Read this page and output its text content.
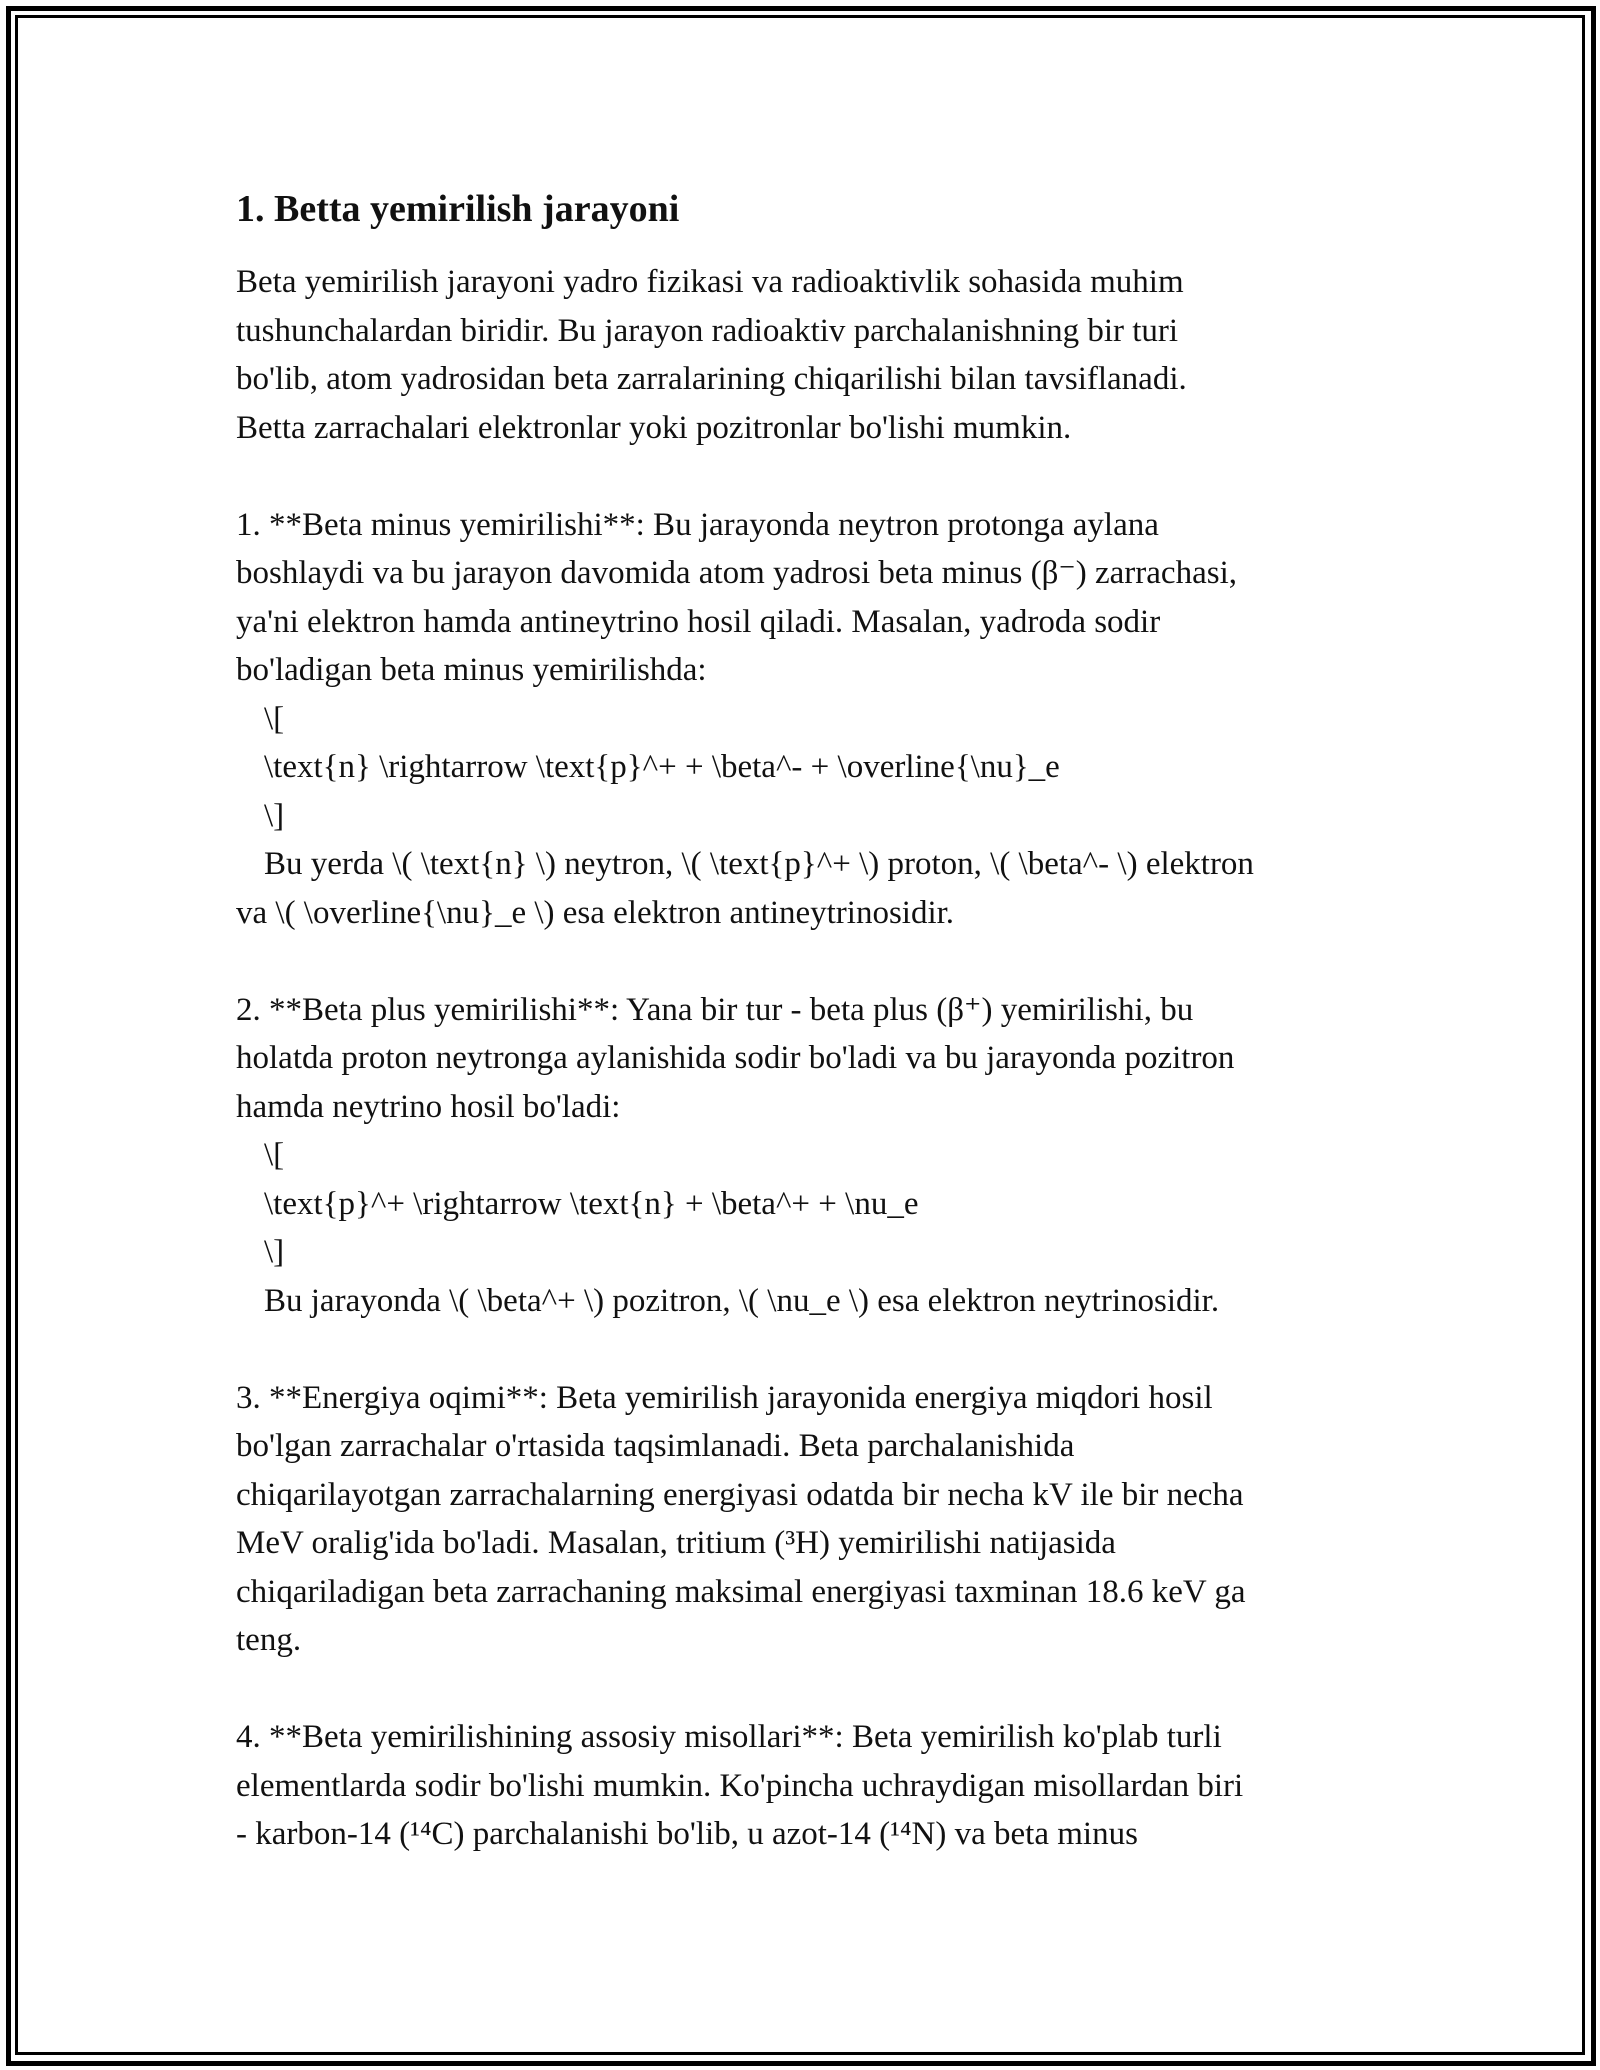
1. Betta yemirilish jarayoni
Beta yemirilish jarayoni yadro fizikasi va radioaktivlik sohasida muhim
tushunchalardan biridir. Bu jarayon radioaktiv parchalanishning bir turi
bo'lib, atom yadrosidan beta zarralarining chiqarilishi bilan tavsiflanadi.
Betta zarrachalari elektronlar yoki pozitronlar bo'lishi mumkin.
1. **Beta minus yemirilishi**: Bu jarayonda neytron protonga aylana
boshlaydi va bu jarayon davomida atom yadrosi beta minus (β⁻) zarrachasi,
ya'ni elektron hamda antineytrino hosil qiladi. Masalan, yadroda sodir
bo'ladigan beta minus yemirilishda:
\[
\text{n} \rightarrow \text{p}^+ + \beta^- + \overline{\nu}_e
\]
Bu yerda \( \text{n} \) neytron, \( \text{p}^+ \) proton, \( \beta^- \) elektron
va \( \overline{\nu}_e \) esa elektron antineytrinosidir.
2. **Beta plus yemirilishi**: Yana bir tur - beta plus (β⁺) yemirilishi, bu
holatda proton neytronga aylanishida sodir bo'ladi va bu jarayonda pozitron
hamda neytrino hosil bo'ladi:
\[
\text{p}^+ \rightarrow \text{n} + \beta^+ + \nu_e
\]
Bu jarayonda \( \beta^+ \) pozitron, \( \nu_e \) esa elektron neytrinosidir.
3. **Energiya oqimi**: Beta yemirilish jarayonida energiya miqdori hosil
bo'lgan zarrachalar o'rtasida taqsimlanadi. Beta parchalanishida
chiqarilayotgan zarrachalarning energiyasi odatda bir necha kV ile bir necha
MeV oralig'ida bo'ladi. Masalan, tritium (³H) yemirilishi natijasida
chiqariladigan beta zarrachaning maksimal energiyasi taxminan 18.6 keV ga
teng.
4. **Beta yemirilishining assosiy misollari**: Beta yemirilish ko'plab turli
elementlarda sodir bo'lishi mumkin. Ko'pincha uchraydigan misollardan biri
- karbon-14 (¹⁴C) parchalanishi bo'lib, u azot-14 (¹⁴N) va beta minus
